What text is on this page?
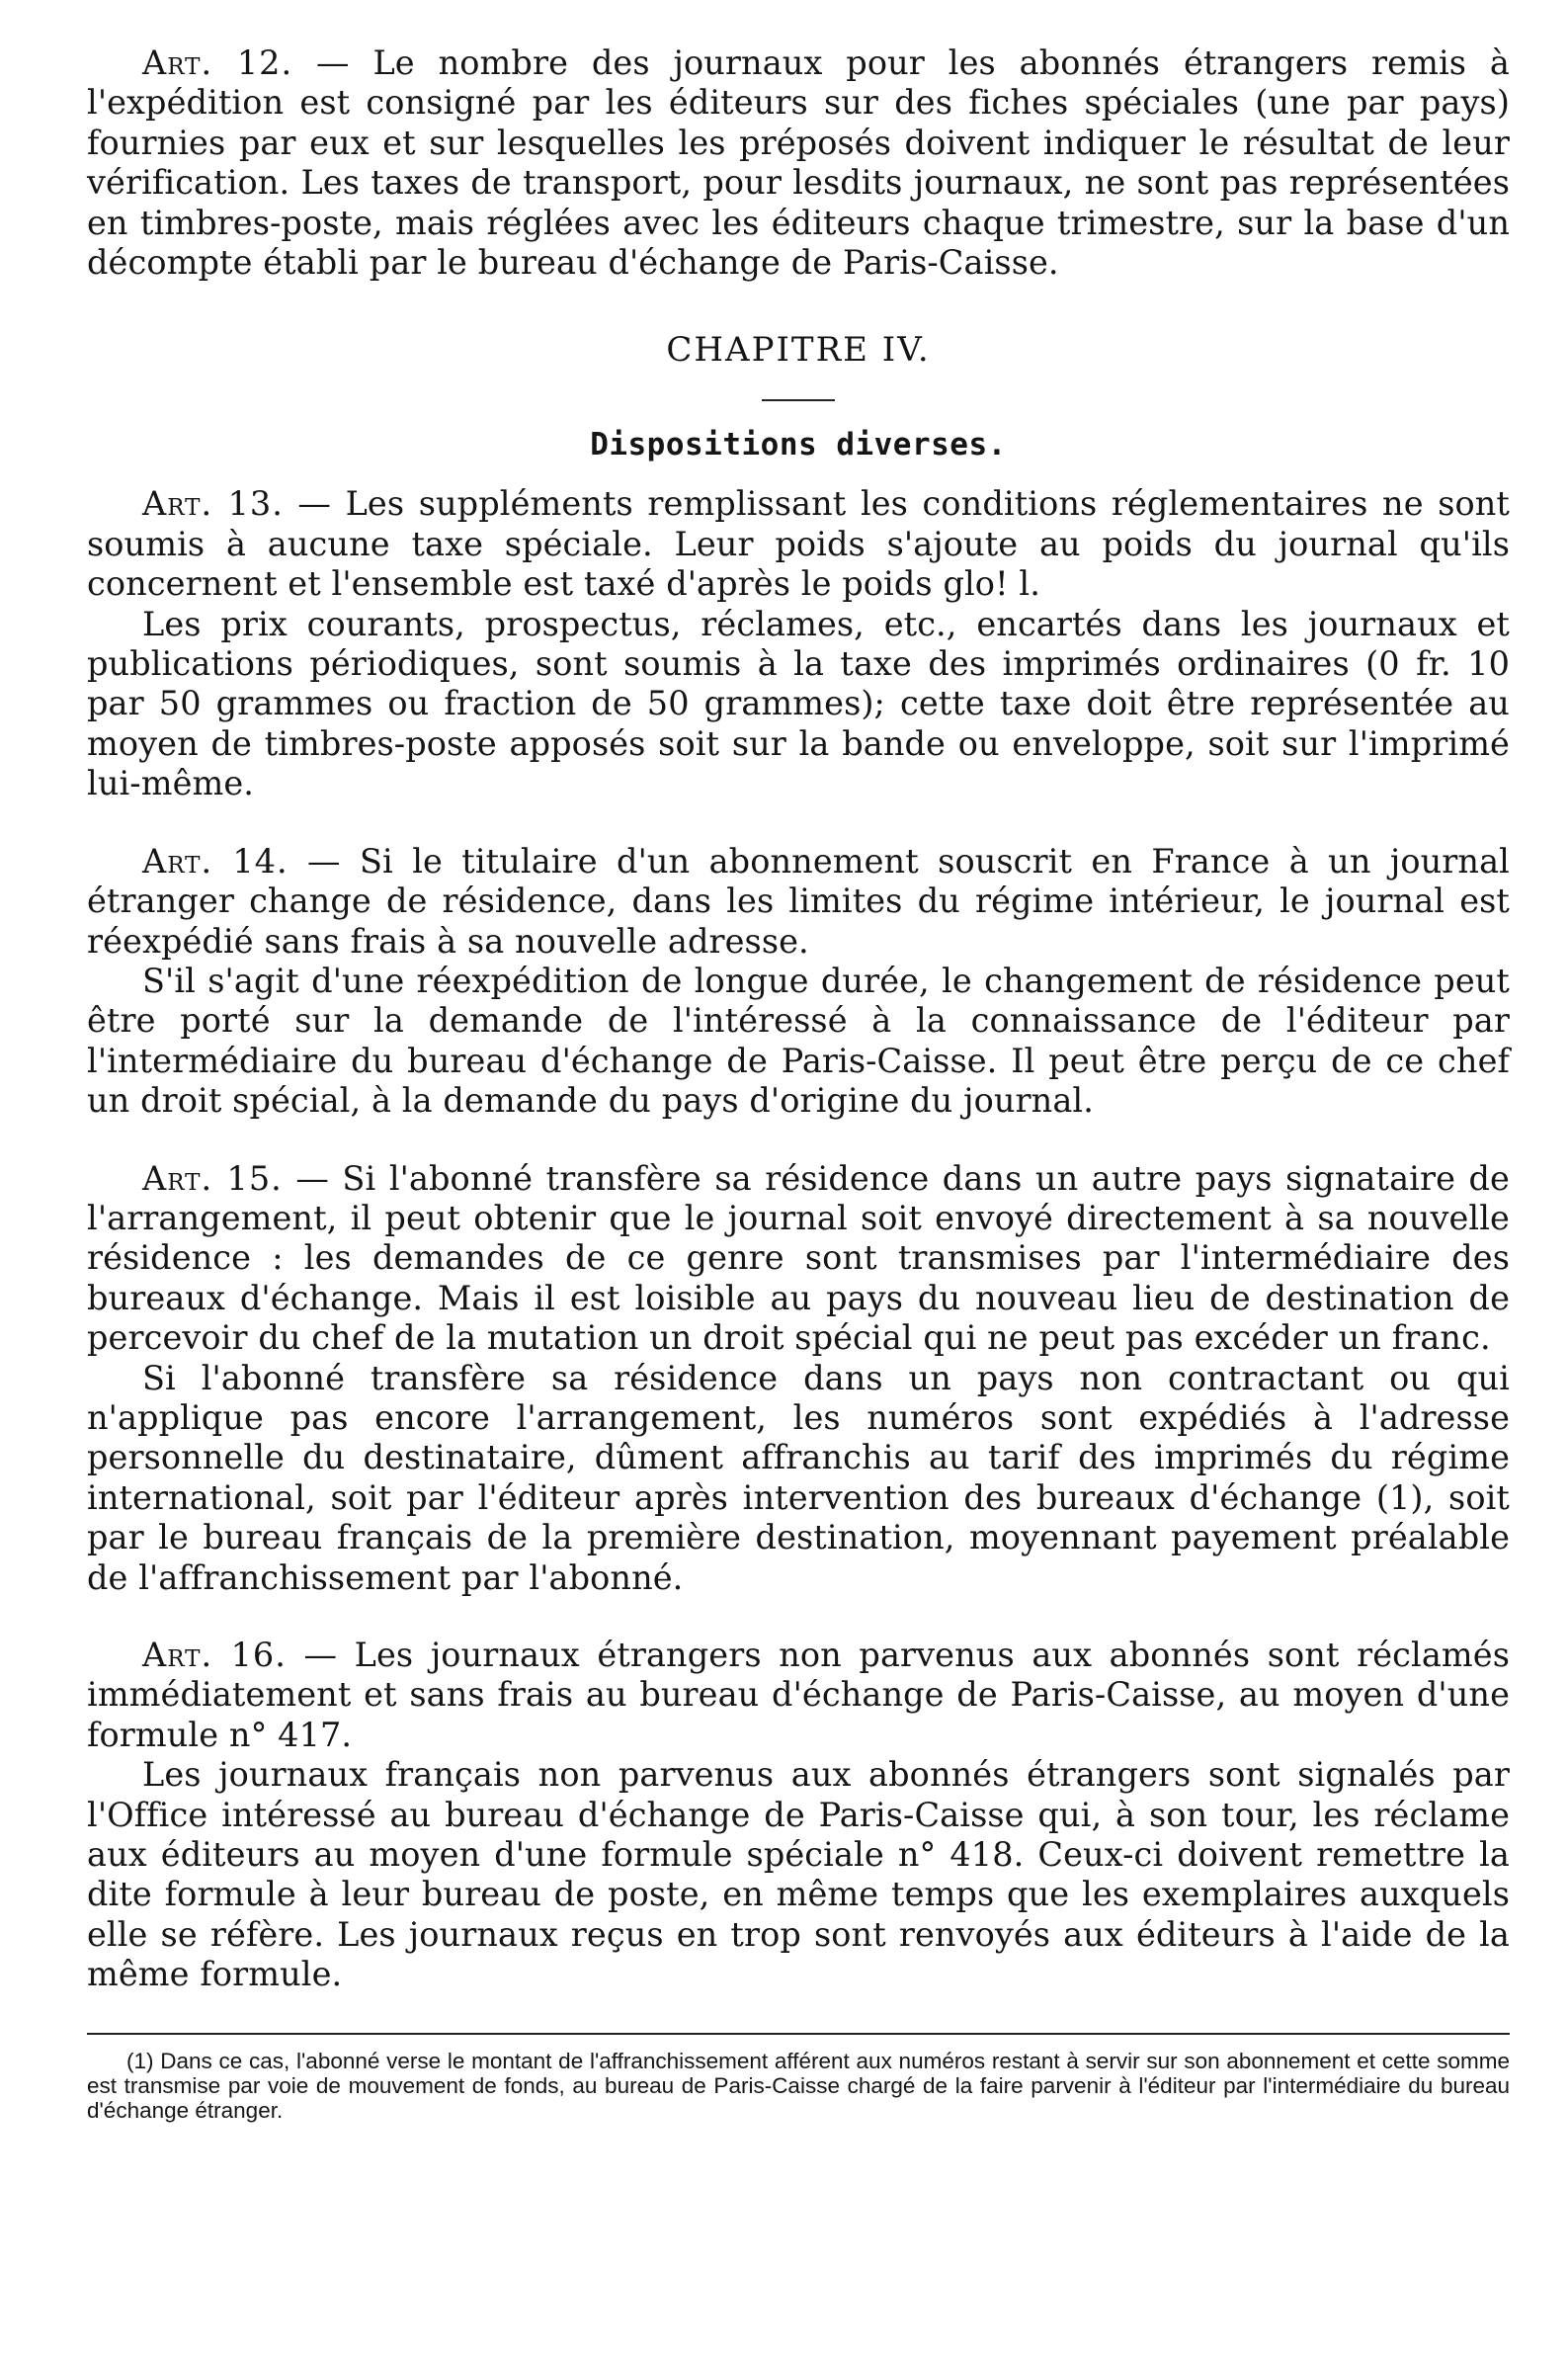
Art. 12. — Le nombre des journaux pour les abonnés étrangers remis à l'expédition est consigné par les éditeurs sur des fiches spéciales (une par pays) fournies par eux et sur lesquelles les préposés doivent indiquer le résultat de leur vérification. Les taxes de transport, pour lesdits journaux, ne sont pas représentées en timbres-poste, mais réglées avec les éditeurs chaque trimestre, sur la base d'un décompte établi par le bureau d'échange de Paris-Caisse.

CHAPITRE IV.

Dispositions diverses.

Art. 13. — Les suppléments remplissant les conditions réglementaires ne sont soumis à aucune taxe spéciale. Leur poids s'ajoute au poids du journal qu'ils concernent et l'ensemble est taxé d'après le poids glo! l.

Les prix courants, prospectus, réclames, etc., encartés dans les journaux et publications périodiques, sont soumis à la taxe des imprimés ordinaires (0 fr. 10 par 50 grammes ou fraction de 50 grammes); cette taxe doit être représentée au moyen de timbres-poste apposés soit sur la bande ou enveloppe, soit sur l'imprimé lui-même.

Art. 14. — Si le titulaire d'un abonnement souscrit en France à un journal étranger change de résidence, dans les limites du régime intérieur, le journal est réexpédié sans frais à sa nouvelle adresse.

S'il s'agit d'une réexpédition de longue durée, le changement de résidence peut être porté sur la demande de l'intéressé à la connaissance de l'éditeur par l'intermédiaire du bureau d'échange de Paris-Caisse. Il peut être perçu de ce chef un droit spécial, à la demande du pays d'origine du journal.

Art. 15. — Si l'abonné transfère sa résidence dans un autre pays signataire de l'arrangement, il peut obtenir que le journal soit envoyé directement à sa nouvelle résidence : les demandes de ce genre sont transmises par l'intermédiaire des bureaux d'échange. Mais il est loisible au pays du nouveau lieu de destination de percevoir du chef de la mutation un droit spécial qui ne peut pas excéder un franc.

Si l'abonné transfère sa résidence dans un pays non contractant ou qui n'applique pas encore l'arrangement, les numéros sont expédiés à l'adresse personnelle du destinataire, dûment affranchis au tarif des imprimés du régime international, soit par l'éditeur après intervention des bureaux d'échange (1), soit par le bureau français de la première destination, moyennant payement préalable de l'affranchissement par l'abonné.

Art. 16. — Les journaux étrangers non parvenus aux abonnés sont réclamés immédiatement et sans frais au bureau d'échange de Paris-Caisse, au moyen d'une formule n° 417.

Les journaux français non parvenus aux abonnés étrangers sont signalés par l'Office intéressé au bureau d'échange de Paris-Caisse qui, à son tour, les réclame aux éditeurs au moyen d'une formule spéciale n° 418. Ceux-ci doivent remettre la dite formule à leur bureau de poste, en même temps que les exemplaires auxquels elle se réfère. Les journaux reçus en trop sont renvoyés aux éditeurs à l'aide de la même formule.

(1) Dans ce cas, l'abonné verse le montant de l'affranchissement afférent aux numéros restant à servir sur son abonnement et cette somme est transmise par voie de mouvement de fonds, au bureau de Paris-Caisse chargé de la faire parvenir à l'éditeur par l'intermédiaire du bureau d'échange étranger.
